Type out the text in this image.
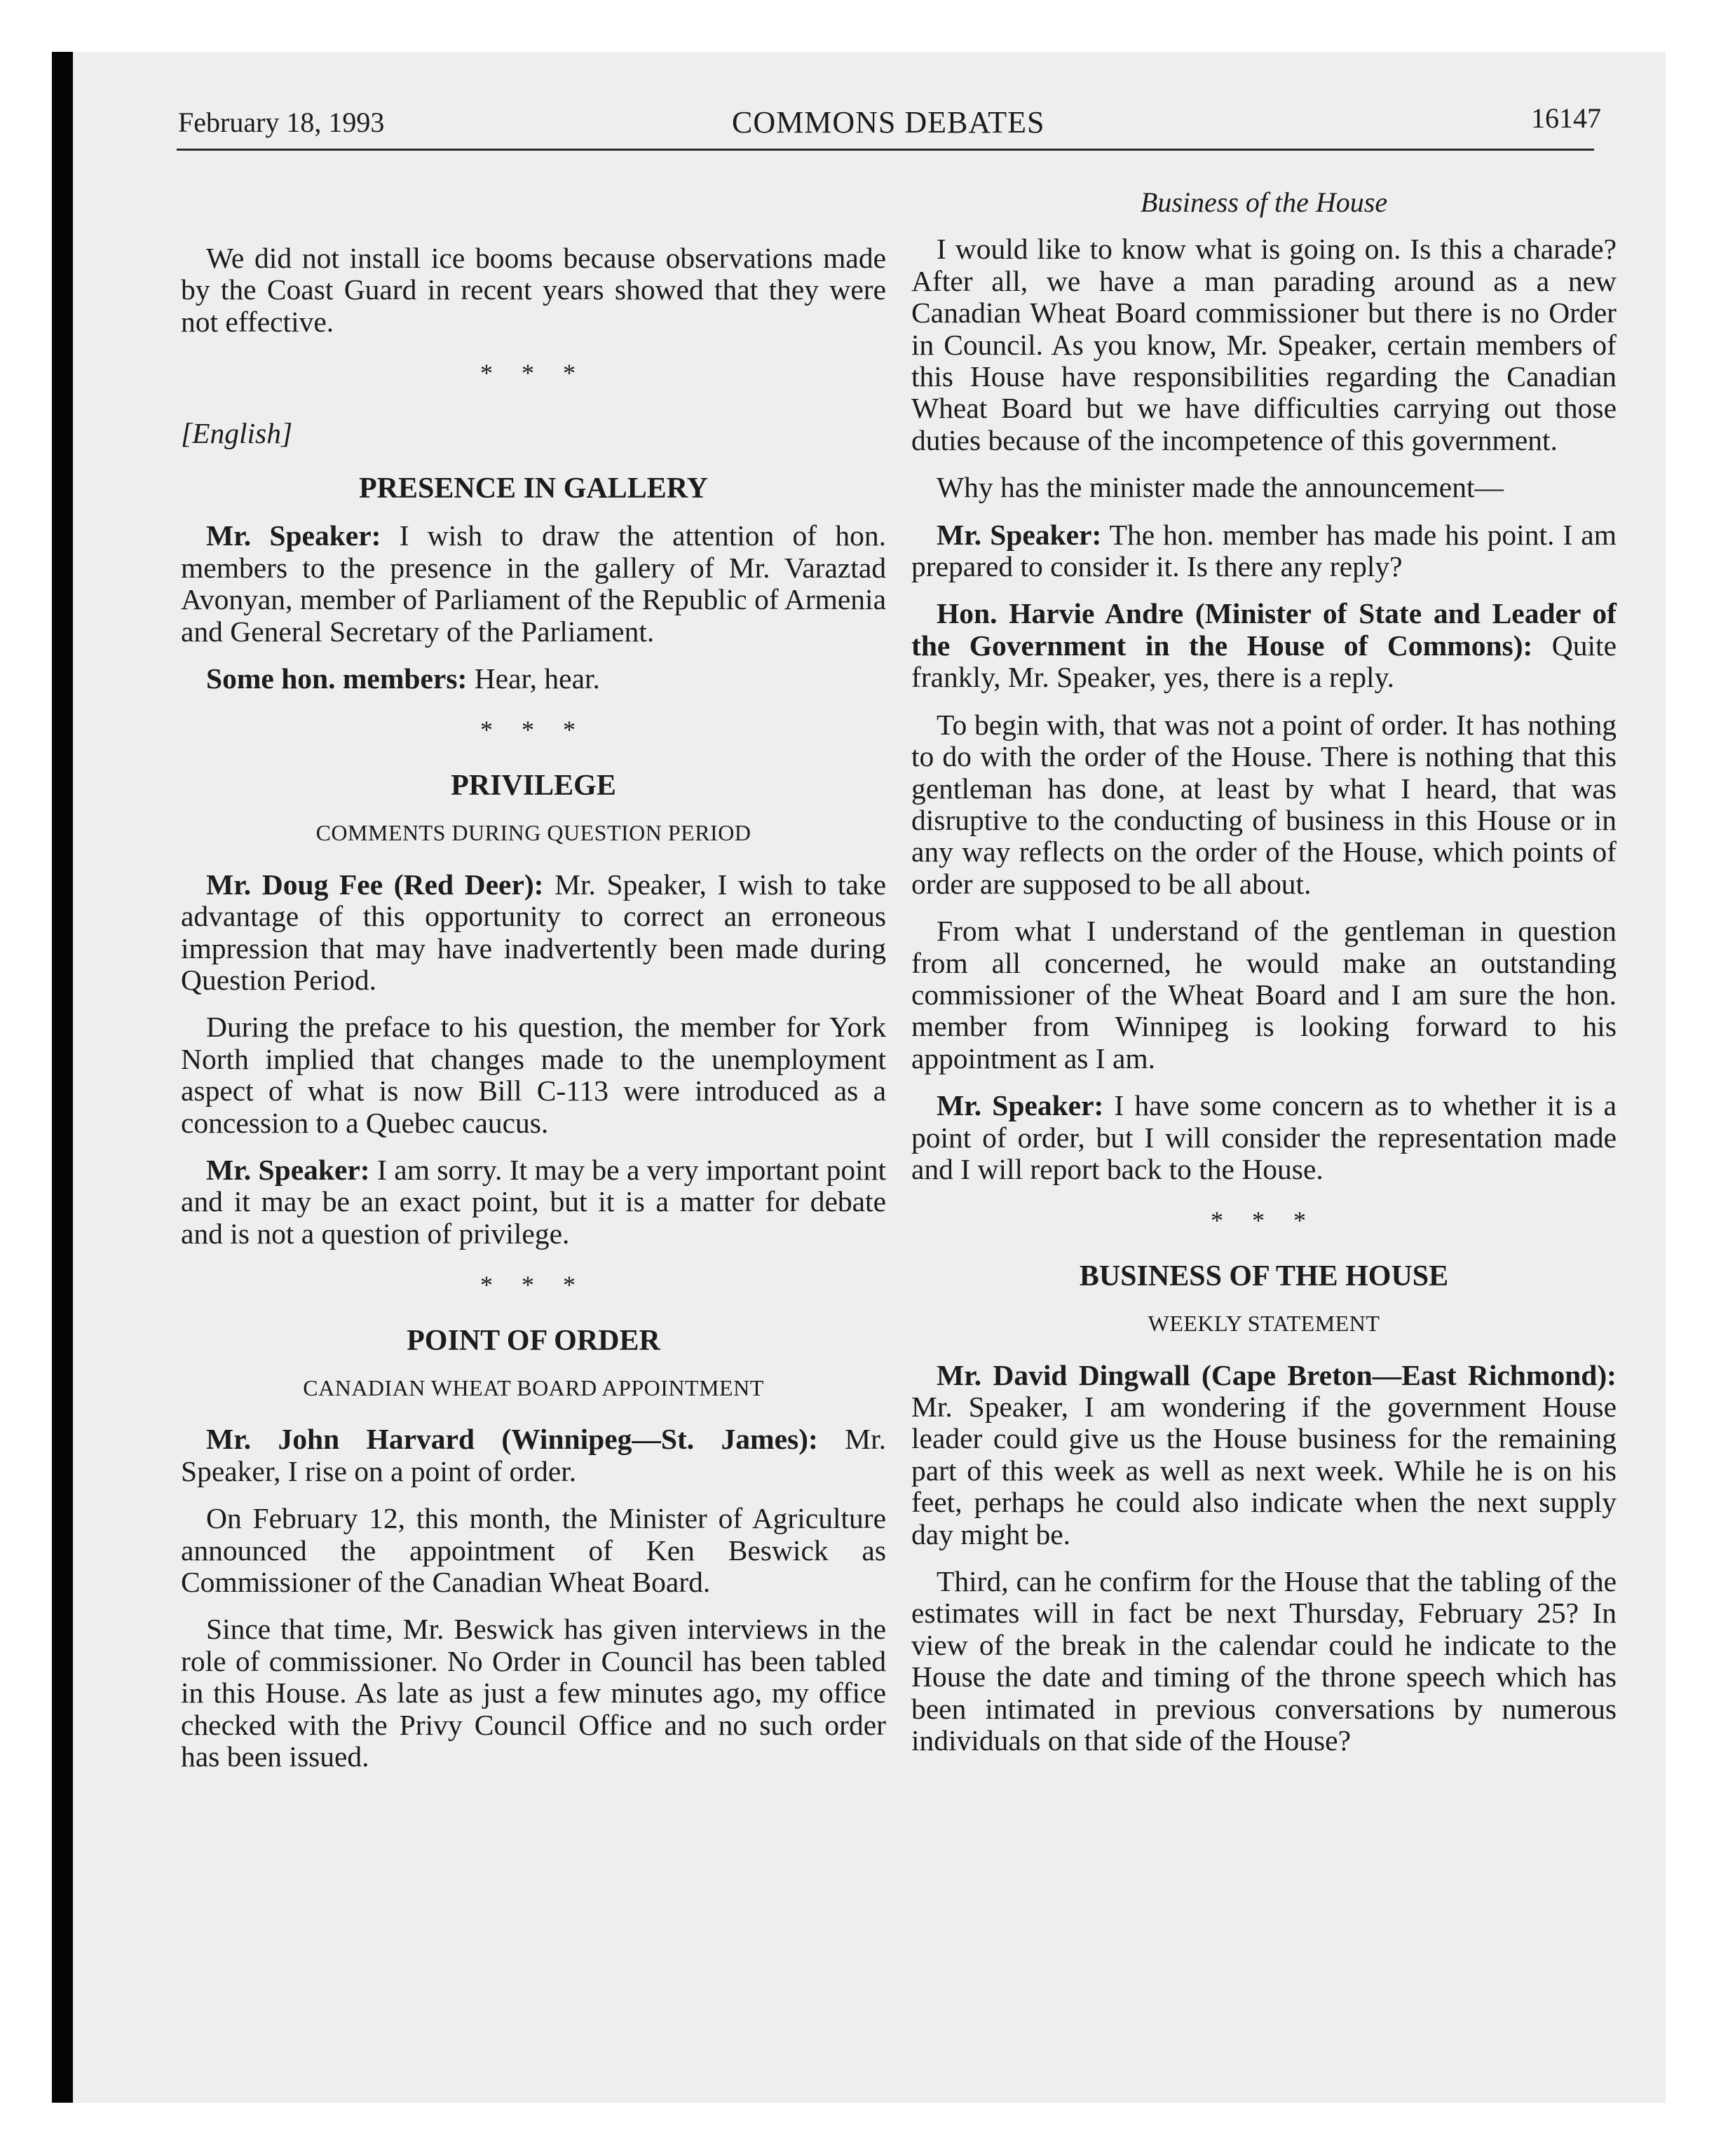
February 18, 1993	COMMONS DEBATES	16147

We did not install ice booms because observations made by the Coast Guard in recent years showed that they were not effective.

* * *
[English]
PRESENCE IN GALLERY

Mr. Speaker: I wish to draw the attention of hon. members to the presence in the gallery of Mr. Varaztad Avonyan, member of Parliament of the Republic of Armenia and General Secretary of the Parliament.

Some hon. members: Hear, hear.

* * *
PRIVILEGE
COMMENTS DURING QUESTION PERIOD

Mr. Doug Fee (Red Deer): Mr. Speaker, I wish to take advantage of this opportunity to correct an erroneous impression that may have inadvertently been made during Question Period.

During the preface to his question, the member for York North implied that changes made to the unemployment aspect of what is now Bill C-113 were introduced as a concession to a Quebec caucus.

Mr. Speaker: I am sorry. It may be a very important point and it may be an exact point, but it is a matter for debate and is not a question of privilege.

* * *
POINT OF ORDER
CANADIAN WHEAT BOARD APPOINTMENT

Mr. John Harvard (Winnipeg—St. James): Mr. Speaker, I rise on a point of order.

On February 12, this month, the Minister of Agriculture announced the appointment of Ken Beswick as Commissioner of the Canadian Wheat Board.

Since that time, Mr. Beswick has given interviews in the role of commissioner. No Order in Council has been tabled in this House. As late as just a few minutes ago, my office checked with the Privy Council Office and no such order has been issued.

Business of the House

I would like to know what is going on. Is this a charade? After all, we have a man parading around as a new Canadian Wheat Board commissioner but there is no Order in Council. As you know, Mr. Speaker, certain members of this House have responsibilities regarding the Canadian Wheat Board but we have difficulties carrying out those duties because of the incompetence of this government.

Why has the minister made the announcement—

Mr. Speaker: The hon. member has made his point. I am prepared to consider it. Is there any reply?

Hon. Harvie Andre (Minister of State and Leader of the Government in the House of Commons): Quite frankly, Mr. Speaker, yes, there is a reply.

To begin with, that was not a point of order. It has nothing to do with the order of the House. There is nothing that this gentleman has done, at least by what I heard, that was disruptive to the conducting of business in this House or in any way reflects on the order of the House, which points of order are supposed to be all about.

From what I understand of the gentleman in question from all concerned, he would make an outstanding commissioner of the Wheat Board and I am sure the hon. member from Winnipeg is looking forward to his appointment as I am.

Mr. Speaker: I have some concern as to whether it is a point of order, but I will consider the representation made and I will report back to the House.

* * *
BUSINESS OF THE HOUSE
WEEKLY STATEMENT

Mr. David Dingwall (Cape Breton—East Richmond): Mr. Speaker, I am wondering if the government House leader could give us the House business for the remaining part of this week as well as next week. While he is on his feet, perhaps he could also indicate when the next supply day might be.

Third, can he confirm for the House that the tabling of the estimates will in fact be next Thursday, February 25? In view of the break in the calendar could he indicate to the House the date and timing of the throne speech which has been intimated in previous conversations by numerous individuals on that side of the House?
